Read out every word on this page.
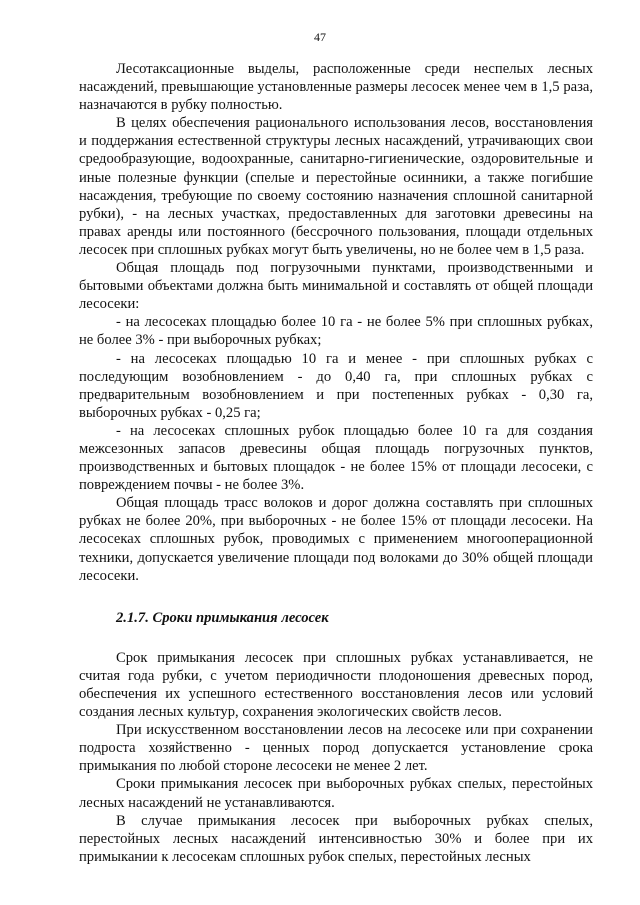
47

Лесотаксационные выделы, расположенные среди неспелых лесных насаждений, превышающие установленные размеры лесосек менее чем в 1,5 раза, назначаются в рубку полностью.

В целях обеспечения рационального использования лесов, восстановления и поддержания естественной структуры лесных насаждений, утрачивающих свои средообразующие, водоохранные, санитарно-гигиенические, оздоровительные и иные полезные функции (спелые и перестойные осинники, а также погибшие насаждения, требующие по своему состоянию назначения сплошной санитарной рубки), - на лесных участках, предоставленных для заготовки древесины на правах аренды или постоянного (бессрочного пользования, площади отдельных лесосек при сплошных рубках могут быть увеличены, но не более чем в 1,5 раза.

Общая площадь под погрузочными пунктами, производственными и бытовыми объектами должна быть минимальной и составлять от общей площади лесосеки:

- на лесосеках площадью более 10 га - не более 5% при сплошных рубках, не более 3% - при выборочных рубках;

- на лесосеках площадью 10 га и менее - при сплошных рубках с последующим возобновлением - до 0,40 га, при сплошных рубках с предварительным возобновлением и при постепенных рубках - 0,30 га, выборочных рубках - 0,25 га;

- на лесосеках сплошных рубок площадью более 10 га для создания межсезонных запасов древесины общая площадь погрузочных пунктов, производственных и бытовых площадок - не более 15% от площади лесосеки, с повреждением почвы - не более 3%.

Общая площадь трасс волоков и дорог должна составлять при сплошных рубках не более 20%, при выборочных - не более 15% от площади лесосеки. На лесосеках сплошных рубок, проводимых с применением многооперационной техники, допускается увеличение площади под волоками до 30% общей площади лесосеки.

2.1.7. Сроки примыкания лесосек

Срок примыкания лесосек при сплошных рубках устанавливается, не считая года рубки, с учетом периодичности плодоношения древесных пород, обеспечения их успешного естественного восстановления лесов или условий создания лесных культур, сохранения экологических свойств лесов.

При искусственном восстановлении лесов на лесосеке или при сохранении подроста хозяйственно - ценных пород допускается установление срока примыкания по любой стороне лесосеки не менее 2 лет.

Сроки примыкания лесосек при выборочных рубках спелых, перестойных лесных насаждений не устанавливаются.

В случае примыкания лесосек при выборочных рубках спелых, перестойных лесных насаждений интенсивностью 30% и более при их примыкании к лесосекам сплошных рубок спелых, перестойных лесных
